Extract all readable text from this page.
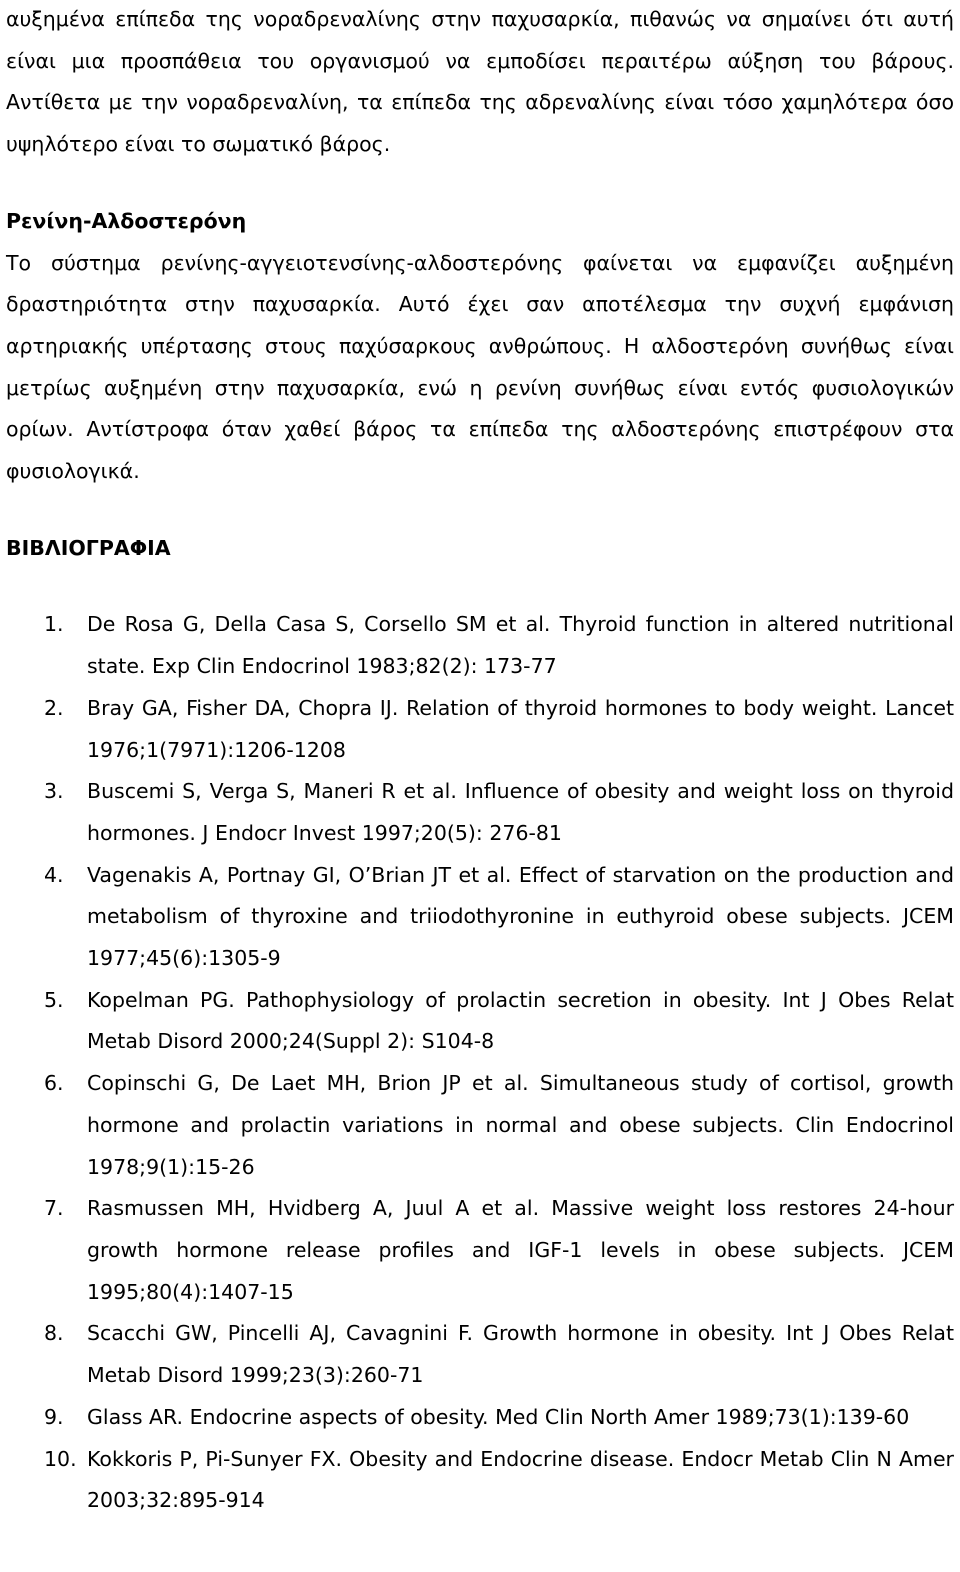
αυξημένα επίπεδα της νοραδρεναλίνης στην παχυσαρκία, πιθανώς να σημαίνει ότι αυτή είναι μια προσπάθεια του οργανισμού να εμποδίσει περαιτέρω αύξηση του βάρους. Αντίθετα με την νοραδρεναλίνη, τα επίπεδα της αδρεναλίνης είναι τόσο χαμηλότερα όσο υψηλότερο είναι το σωματικό βάρος.

Ρενίνη-Αλδοστερόνη

Το σύστημα ρενίνης-αγγειοτενσίνης-αλδοστερόνης φαίνεται να εμφανίζει αυξημένη δραστηριότητα στην παχυσαρκία. Αυτό έχει σαν αποτέλεσμα την συχνή εμφάνιση αρτηριακής υπέρτασης στους παχύσαρκους ανθρώπους. Η αλδοστερόνη συνήθως είναι μετρίως αυξημένη στην παχυσαρκία, ενώ η ρενίνη συνήθως είναι εντός φυσιολογικών ορίων. Αντίστροφα όταν χαθεί βάρος τα επίπεδα της αλδοστερόνης επιστρέφουν στα φυσιολογικά.

ΒΙΒΛΙΟΓΡΑΦΙΑ
1. De Rosa G, Della Casa S, Corsello SM et al. Thyroid function in altered nutritional state. Exp Clin Endocrinol 1983;82(2): 173-77
2. Bray GA, Fisher DA, Chopra IJ. Relation of thyroid hormones to body weight. Lancet 1976;1(7971):1206-1208
3. Buscemi S, Verga S, Maneri R et al. Influence of obesity and weight loss on thyroid hormones. J Endocr Invest 1997;20(5): 276-81
4. Vagenakis A, Portnay GI, O’Brian JT et al. Effect of starvation on the production and metabolism of thyroxine and triiodothyronine in euthyroid obese subjects. JCEM 1977;45(6):1305-9
5. Kopelman PG. Pathophysiology of prolactin secretion in obesity. Int J Obes Relat Metab Disord 2000;24(Suppl 2): S104-8
6. Copinschi G, De Laet MH, Brion JP et al. Simultaneous study of cortisol, growth hormone and prolactin variations in normal and obese subjects. Clin Endocrinol 1978;9(1):15-26
7. Rasmussen MH, Hvidberg A, Juul A et al. Massive weight loss restores 24-hour growth hormone release profiles and IGF-1 levels in obese subjects. JCEM 1995;80(4):1407-15
8. Scacchi GW, Pincelli AJ, Cavagnini F. Growth hormone in obesity. Int J Obes Relat Metab Disord 1999;23(3):260-71
9. Glass AR. Endocrine aspects of obesity. Med Clin North Amer 1989;73(1):139-60
10. Kokkoris P, Pi-Sunyer FX. Obesity and Endocrine disease. Endocr Metab Clin N Amer 2003;32:895-914
